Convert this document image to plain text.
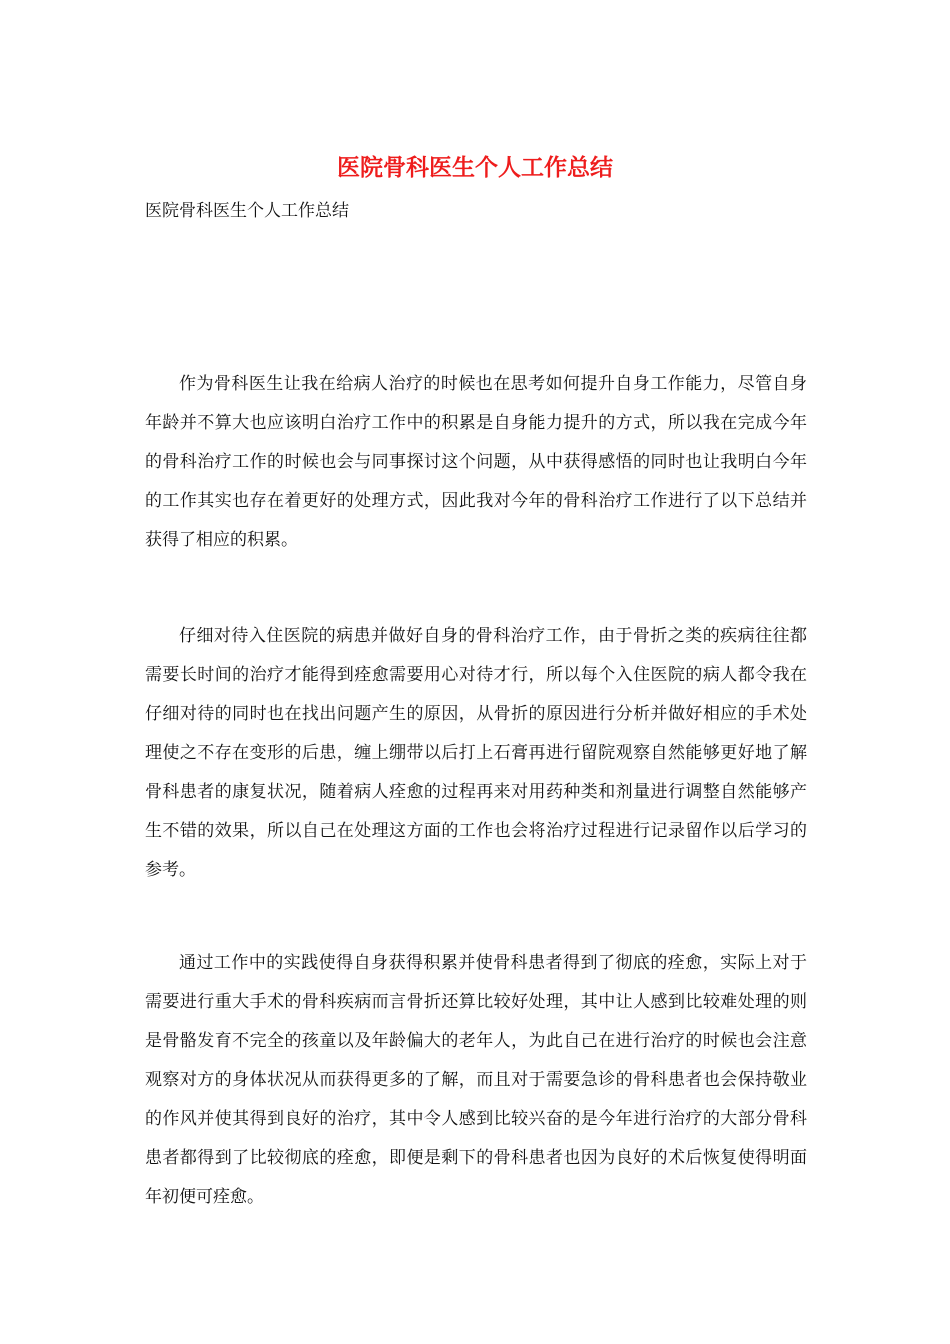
医院骨科医生个人工作总结

医院骨科医生个人工作总结

作为骨科医生让我在给病人治疗的时候也在思考如何提升自身工作能力，尽管自身年龄并不算大也应该明白治疗工作中的积累是自身能力提升的方式，所以我在完成今年的骨科治疗工作的时候也会与同事探讨这个问题，从中获得感悟的同时也让我明白今年的工作其实也存在着更好的处理方式，因此我对今年的骨科治疗工作进行了以下总结并获得了相应的积累。

仔细对待入住医院的病患并做好自身的骨科治疗工作，由于骨折之类的疾病往往都需要长时间的治疗才能得到痊愈需要用心对待才行，所以每个入住医院的病人都令我在仔细对待的同时也在找出问题产生的原因，从骨折的原因进行分析并做好相应的手术处理使之不存在变形的后患，缠上绷带以后打上石膏再进行留院观察自然能够更好地了解骨科患者的康复状况，随着病人痊愈的过程再来对用药种类和剂量进行调整自然能够产生不错的效果，所以自己在处理这方面的工作也会将治疗过程进行记录留作以后学习的参考。

通过工作中的实践使得自身获得积累并使骨科患者得到了彻底的痊愈，实际上对于需要进行重大手术的骨科疾病而言骨折还算比较好处理，其中让人感到比较难处理的则是骨骼发育不完全的孩童以及年龄偏大的老年人，为此自己在进行治疗的时候也会注意观察对方的身体状况从而获得更多的了解，而且对于需要急诊的骨科患者也会保持敬业的作风并使其得到良好的治疗，其中令人感到比较兴奋的是今年进行治疗的大部分骨科患者都得到了比较彻底的痊愈，即便是剩下的骨科患者也因为良好的术后恢复使得明面年初便可痊愈。
